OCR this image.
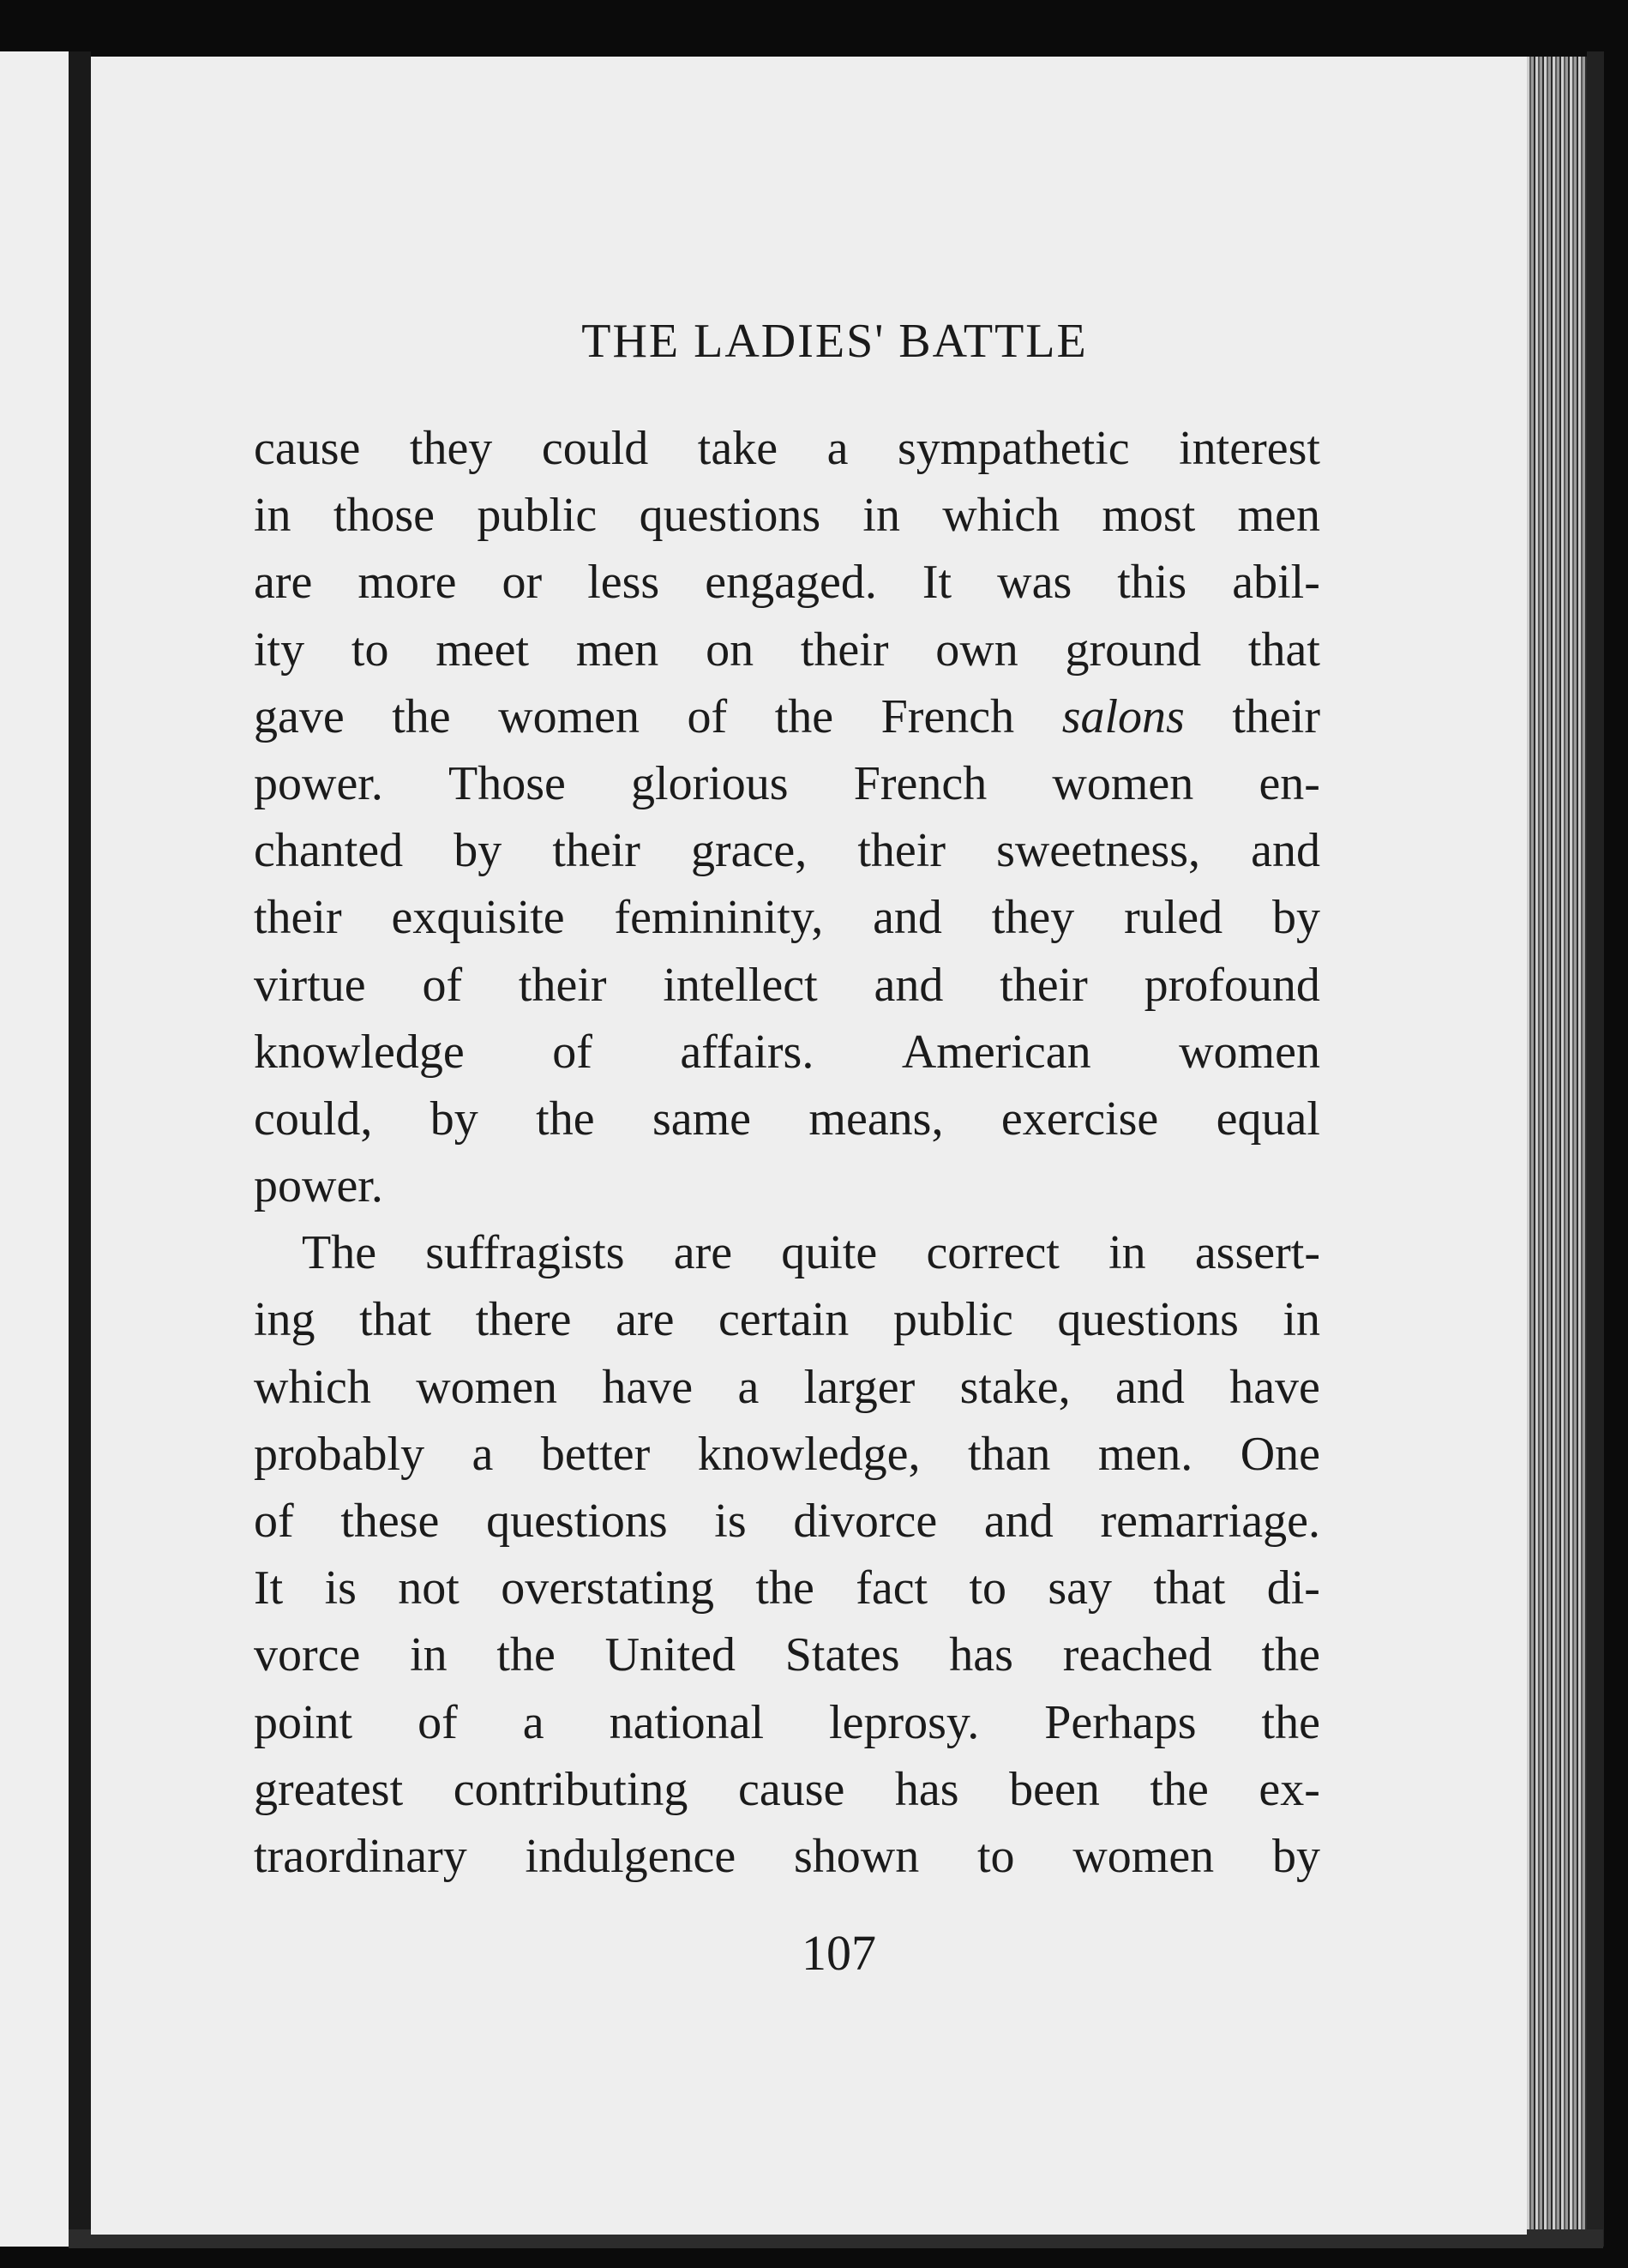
THE LADIES' BATTLE
cause they could take a sympathetic interest
in those public questions in which most men
are more or less engaged. It was this abil-
ity to meet men on their own ground that
gave the women of the French salons their
power. Those glorious French women en-
chanted by their grace, their sweetness, and
their exquisite femininity, and they ruled by
virtue of their intellect and their profound
knowledge of affairs. American women
could, by the same means, exercise equal
power.
The suffragists are quite correct in assert-
ing that there are certain public questions in
which women have a larger stake, and have
probably a better knowledge, than men. One
of these questions is divorce and remarriage.
It is not overstating the fact to say that di-
vorce in the United States has reached the
point of a national leprosy. Perhaps the
greatest contributing cause has been the ex-
traordinary indulgence shown to women by
107
